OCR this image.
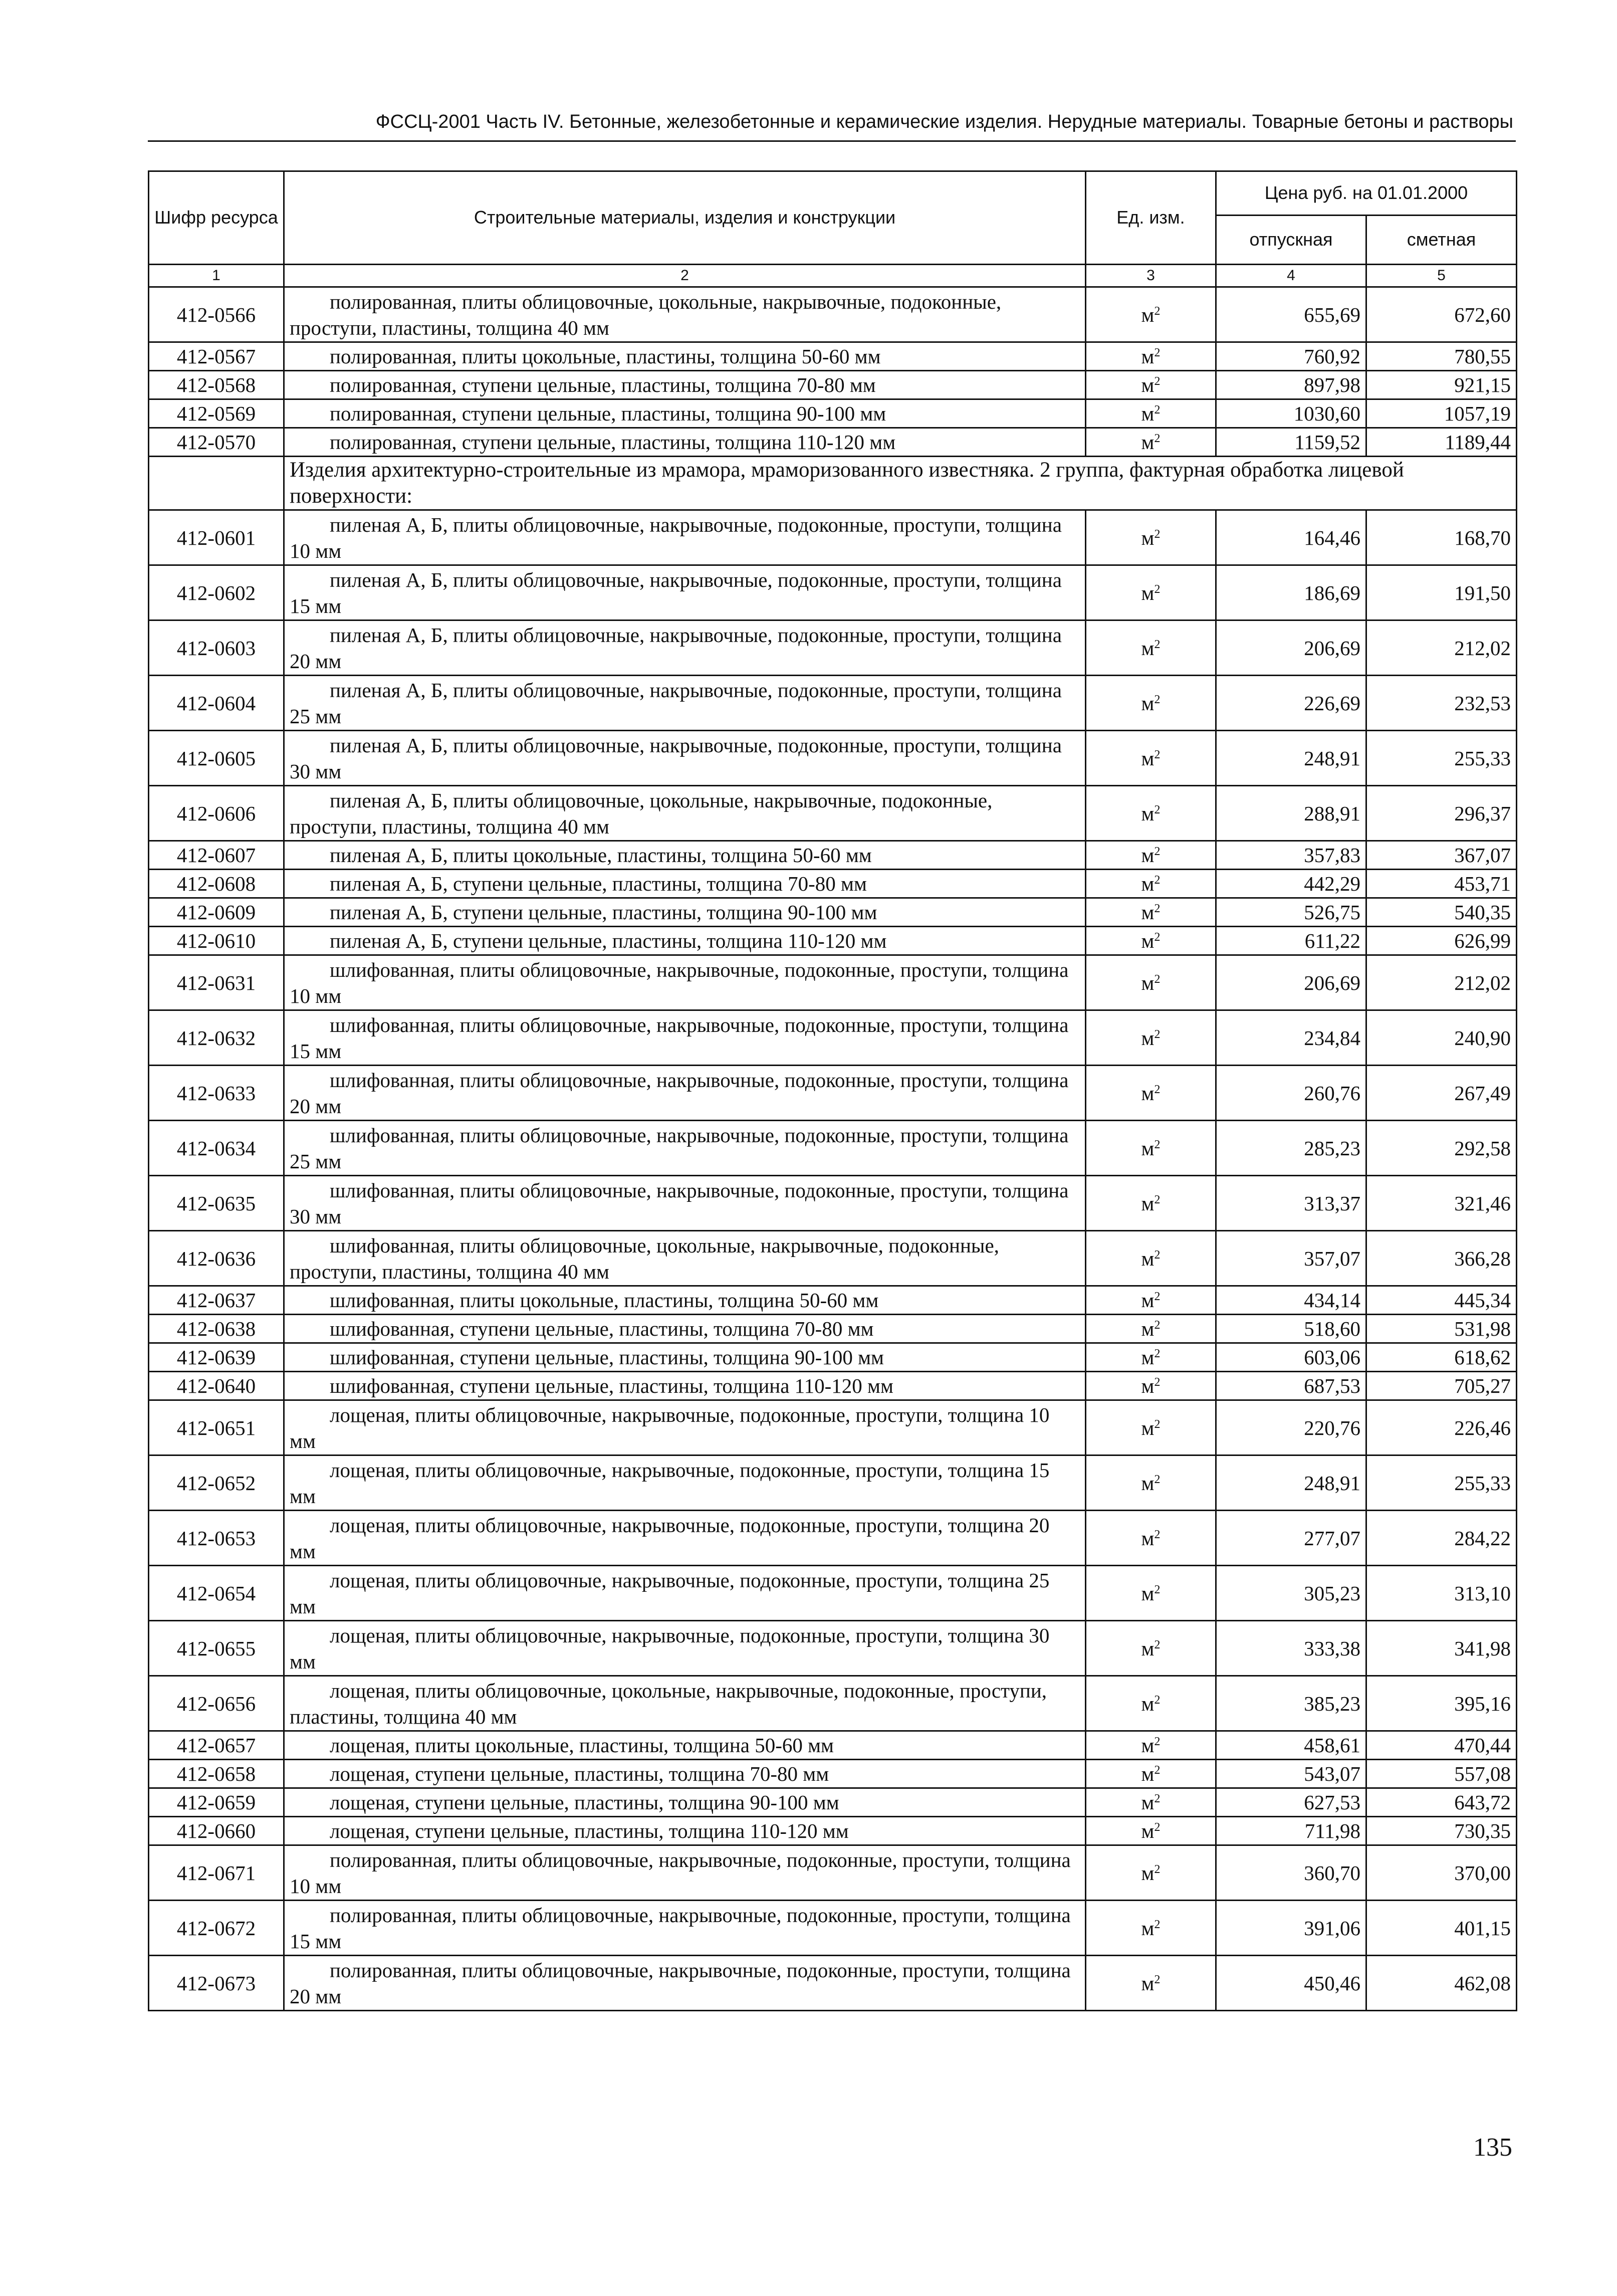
ФССЦ-2001 Часть IV. Бетонные, железобетонные и керамические изделия. Нерудные материалы. Товарные бетоны и растворы
Шифр ресурса	Строительные материалы, изделия и конструкции	Ед. изм.	Цена руб. на 01.01.2000	
			отпускная	сметная
1	2	3	4	5
412-0566	полированная, плиты облицовочные, цокольные, накрывочные, подоконные, проступи, пластины, толщина 40 мм	$м^2$	655,69	672,60
412-0567	полированная, плиты цокольные, пластины, толщина 50-60 мм	$м^2$	760,92	780,55
412-0568	полированная, ступени цельные, пластины, толщина 70-80 мм	$м^2$	897,98	921,15
412-0569	полированная, ступени цельные, пластины, толщина 90-100 мм	$м^2$	1030,60	1057,19
412-0570	полированная, ступени цельные, пластины, толщина 110-120 мм	$м^2$	1159,52	1189,44
	Изделия архитектурно-строительные из мрамора, мраморизованного известняка. 2 группа, фактурная обработка лицевой поверхности:			
412-0601	пиленая А, Б, плиты облицовочные, накрывочные, подоконные, проступи, толщина 10 мм	$м^2$	164,46	168,70
412-0602	пиленая А, Б, плиты облицовочные, накрывочные, подоконные, проступи, толщина 15 мм	$м^2$	186,69	191,50
412-0603	пиленая А, Б, плиты облицовочные, накрывочные, подоконные, проступи, толщина 20 мм	$м^2$	206,69	212,02
412-0604	пиленая А, Б, плиты облицовочные, накрывочные, подоконные, проступи, толщина 25 мм	$м^2$	226,69	232,53
412-0605	пиленая А, Б, плиты облицовочные, накрывочные, подоконные, проступи, толщина 30 мм	$м^2$	248,91	255,33
412-0606	пиленая А, Б, плиты облицовочные, цокольные, накрывочные, подоконные, проступи, пластины, толщина 40 мм	$м^2$	288,91	296,37
412-0607	пиленая А, Б, плиты цокольные, пластины, толщина 50-60 мм	$м^2$	357,83	367,07
412-0608	пиленая А, Б, ступени цельные, пластины, толщина 70-80 мм	$м^2$	442,29	453,71
412-0609	пиленая А, Б, ступени цельные, пластины, толщина 90-100 мм	$м^2$	526,75	540,35
412-0610	пиленая А, Б, ступени цельные, пластины, толщина 110-120 мм	$м^2$	611,22	626,99
412-0631	шлифованная, плиты облицовочные, накрывочные, подоконные, проступи, толщина 10 мм	$м^2$	206,69	212,02
412-0632	шлифованная, плиты облицовочные, накрывочные, подоконные, проступи, толщина 15 мм	$м^2$	234,84	240,90
412-0633	шлифованная, плиты облицовочные, накрывочные, подоконные, проступи, толщина 20 мм	$м^2$	260,76	267,49
412-0634	шлифованная, плиты облицовочные, накрывочные, подоконные, проступи, толщина 25 мм	$м^2$	285,23	292,58
412-0635	шлифованная, плиты облицовочные, накрывочные, подоконные, проступи, толщина 30 мм	$м^2$	313,37	321,46
412-0636	шлифованная, плиты облицовочные, цокольные, накрывочные, подоконные, проступи, пластины, толщина 40 мм	$м^2$	357,07	366,28
412-0637	шлифованная, плиты цокольные, пластины, толщина 50-60 мм	$м^2$	434,14	445,34
412-0638	шлифованная, ступени цельные, пластины, толщина 70-80 мм	$м^2$	518,60	531,98
412-0639	шлифованная, ступени цельные, пластины, толщина 90-100 мм	$м^2$	603,06	618,62
412-0640	шлифованная, ступени цельные, пластины, толщина 110-120 мм	$м^2$	687,53	705,27
412-0651	лощеная, плиты облицовочные, накрывочные, подоконные, проступи, толщина 10 мм	$м^2$	220,76	226,46
412-0652	лощеная, плиты облицовочные, накрывочные, подоконные, проступи, толщина 15 мм	$м^2$	248,91	255,33
412-0653	лощеная, плиты облицовочные, накрывочные, подоконные, проступи, толщина 20 мм	$м^2$	277,07	284,22
412-0654	лощеная, плиты облицовочные, накрывочные, подоконные, проступи, толщина 25 мм	$м^2$	305,23	313,10
412-0655	лощеная, плиты облицовочные, накрывочные, подоконные, проступи, толщина 30 мм	$м^2$	333,38	341,98
412-0656	лощеная, плиты облицовочные, цокольные, накрывочные, подоконные, проступи, пластины, толщина 40 мм	$м^2$	385,23	395,16
412-0657	лощеная, плиты цокольные, пластины, толщина 50-60 мм	$м^2$	458,61	470,44
412-0658	лощеная, ступени цельные, пластины, толщина 70-80 мм	$м^2$	543,07	557,08
412-0659	лощеная, ступени цельные, пластины, толщина 90-100 мм	$м^2$	627,53	643,72
412-0660	лощеная, ступени цельные, пластины, толщина 110-120 мм	$м^2$	711,98	730,35
412-0671	полированная, плиты облицовочные, накрывочные, подоконные, проступи, толщина 10 мм	$м^2$	360,70	370,00
412-0672	полированная, плиты облицовочные, накрывочные, подоконные, проступи, толщина 15 мм	$м^2$	391,06	401,15
412-0673	полированная, плиты облицовочные, накрывочные, подоконные, проступи, толщина 20 мм	$м^2$	450,46	462,08
135
